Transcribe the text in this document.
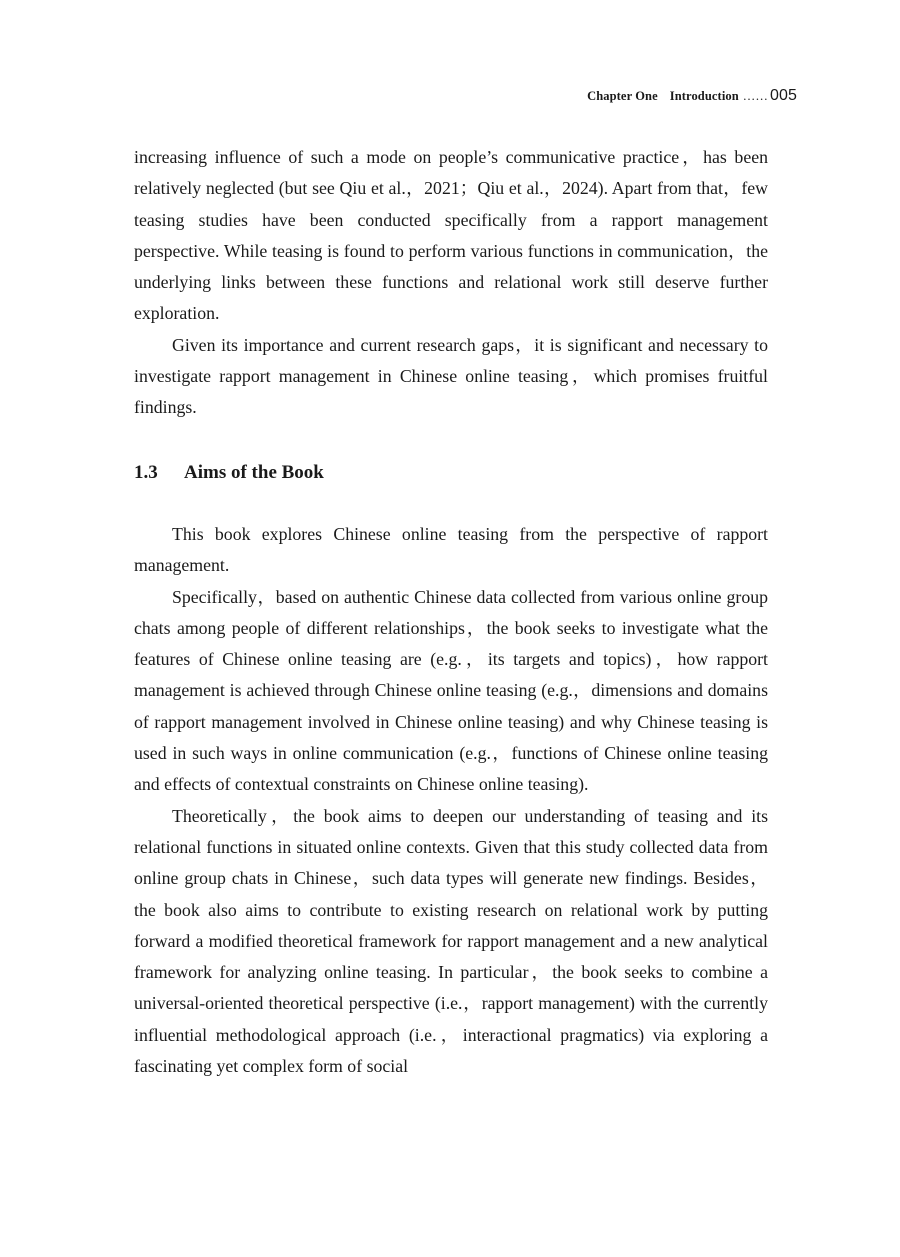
Chapter One Introduction …… 005

increasing influence of such a mode on people’s communicative practice，has been relatively neglected (but see Qiu et al.，2021；Qiu et al.，2024). Apart from that，few teasing studies have been conducted specifically from a rapport management perspective. While teasing is found to perform various functions in communication，the underlying links between these functions and relational work still deserve further exploration.

Given its importance and current research gaps，it is significant and necessary to investigate rapport management in Chinese online teasing，which promises fruitful findings.

1.3 Aims of the Book

This book explores Chinese online teasing from the perspective of rapport management.

Specifically，based on authentic Chinese data collected from various online group chats among people of different relationships，the book seeks to investigate what the features of Chinese online teasing are (e.g.，its targets and topics)，how rapport management is achieved through Chinese online teasing (e.g.，dimensions and domains of rapport management involved in Chinese online teasing) and why Chinese teasing is used in such ways in online communication (e.g.，functions of Chinese online teasing and effects of contextual constraints on Chinese online teasing).

Theoretically，the book aims to deepen our understanding of teasing and its relational functions in situated online contexts. Given that this study collected data from online group chats in Chinese，such data types will generate new findings. Besides，the book also aims to contribute to existing research on relational work by putting forward a modified theoretical framework for rapport management and a new analytical framework for analyzing online teasing. In particular，the book seeks to combine a universal-oriented theoretical perspective (i.e.，rapport management) with the currently influential methodological approach (i.e.，interactional pragmatics) via exploring a fascinating yet complex form of social
